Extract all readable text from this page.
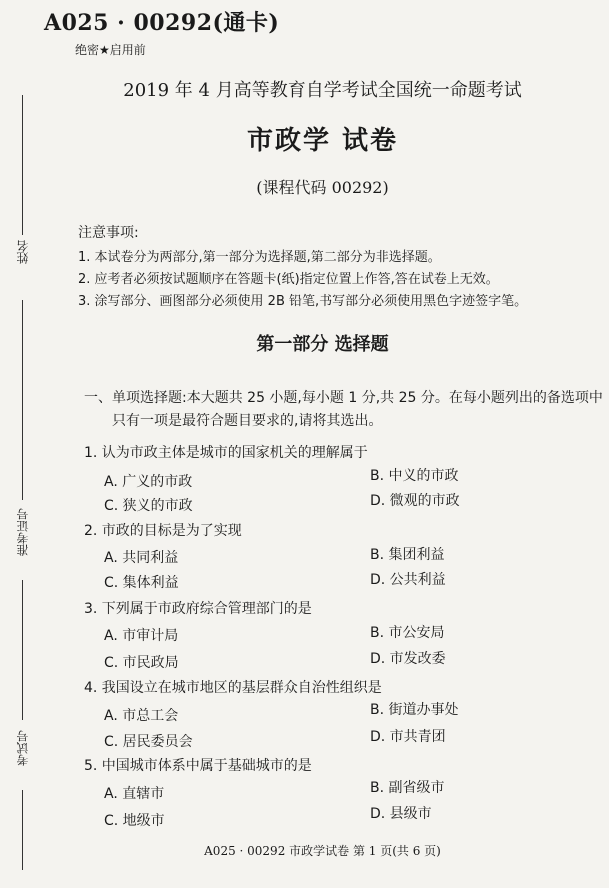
姓名
准考证号
考试号
A025 · 00292(通卡)
绝密★启用前
2019 年 4 月高等教育自学考试全国统一命题考试
市政学 试卷
(课程代码 00292)
注意事项:
1. 本试卷分为两部分,第一部分为选择题,第二部分为非选择题。
2. 应考者必须按试题顺序在答题卡(纸)指定位置上作答,答在试卷上无效。
3. 涂写部分、画图部分必须使用 2B 铅笔,书写部分必须使用黑色字迹签字笔。
第一部分 选择题
一、单项选择题:本大题共 25 小题,每小题 1 分,共 25 分。在每小题列出的备选项中
只有一项是最符合题目要求的,请将其选出。
1. 认为市政主体是城市的国家机关的理解属于
A. 广义的市政	B. 中义的市政
C. 狭义的市政	D. 微观的市政
2. 市政的目标是为了实现
A. 共同利益	B. 集团利益
C. 集体利益	D. 公共利益
3. 下列属于市政府综合管理部门的是
A. 市审计局	B. 市公安局
C. 市民政局	D. 市发改委
4. 我国设立在城市地区的基层群众自治性组织是
A. 市总工会	B. 街道办事处
C. 居民委员会	D. 市共青团
5. 中国城市体系中属于基础城市的是
A. 直辖市	B. 副省级市
C. 地级市	D. 县级市
A025 · 00292 市政学试卷 第 1 页(共 6 页)
